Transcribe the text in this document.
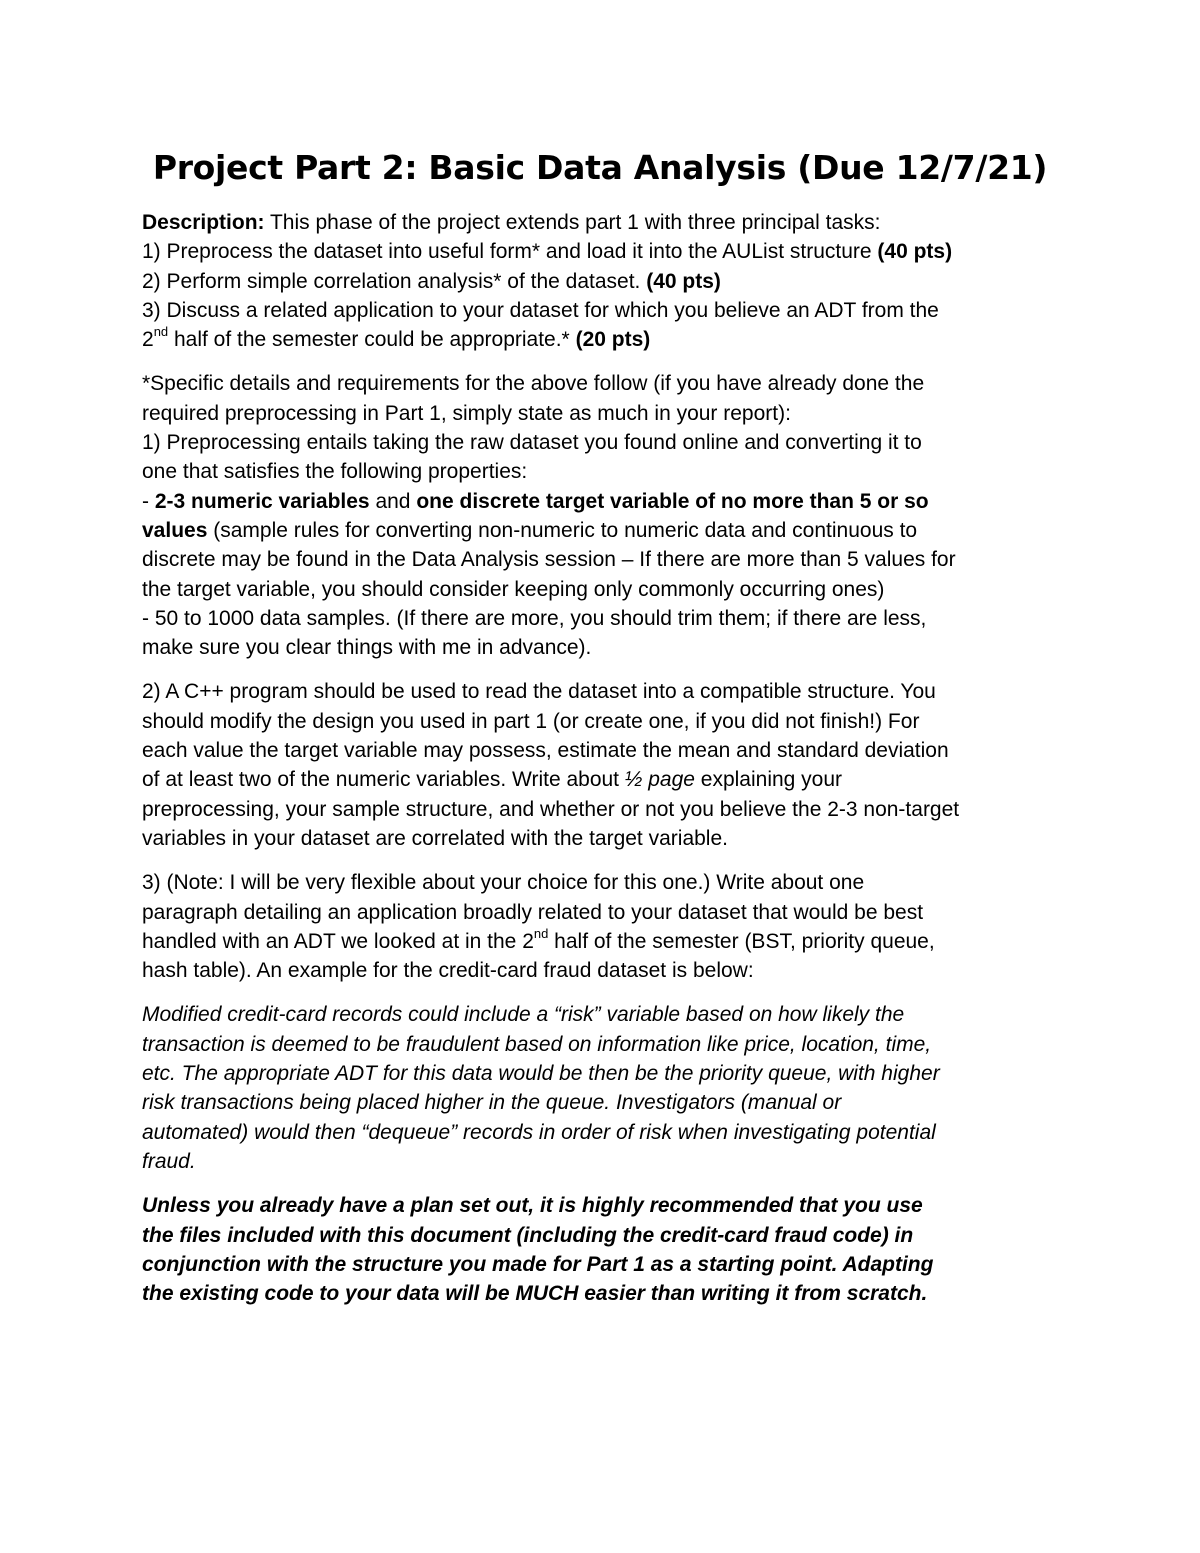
Project Part 2: Basic Data Analysis (Due 12/7/21)

Description: This phase of the project extends part 1 with three principal tasks:
1) Preprocess the dataset into useful form* and load it into the AUList structure (40 pts)
2) Perform simple correlation analysis* of the dataset. (40 pts)
3) Discuss a related application to your dataset for which you believe an ADT from the
2nd half of the semester could be appropriate.* (20 pts)

*Specific details and requirements for the above follow (if you have already done the
required preprocessing in Part 1, simply state as much in your report):
1) Preprocessing entails taking the raw dataset you found online and converting it to
one that satisfies the following properties:
- 2-3 numeric variables and one discrete target variable of no more than 5 or so
values (sample rules for converting non-numeric to numeric data and continuous to
discrete may be found in the Data Analysis session – If there are more than 5 values for
the target variable, you should consider keeping only commonly occurring ones)
- 50 to 1000 data samples. (If there are more, you should trim them; if there are less,
make sure you clear things with me in advance).

2) A C++ program should be used to read the dataset into a compatible structure. You
should modify the design you used in part 1 (or create one, if you did not finish!) For
each value the target variable may possess, estimate the mean and standard deviation
of at least two of the numeric variables. Write about ½ page explaining your
preprocessing, your sample structure, and whether or not you believe the 2-3 non-target
variables in your dataset are correlated with the target variable.

3) (Note: I will be very flexible about your choice for this one.) Write about one
paragraph detailing an application broadly related to your dataset that would be best
handled with an ADT we looked at in the 2nd half of the semester (BST, priority queue,
hash table). An example for the credit-card fraud dataset is below:

Modified credit-card records could include a “risk” variable based on how likely the
transaction is deemed to be fraudulent based on information like price, location, time,
etc. The appropriate ADT for this data would be then be the priority queue, with higher
risk transactions being placed higher in the queue. Investigators (manual or
automated) would then “dequeue” records in order of risk when investigating potential
fraud.

Unless you already have a plan set out, it is highly recommended that you use
the files included with this document (including the credit-card fraud code) in
conjunction with the structure you made for Part 1 as a starting point. Adapting
the existing code to your data will be MUCH easier than writing it from scratch.
